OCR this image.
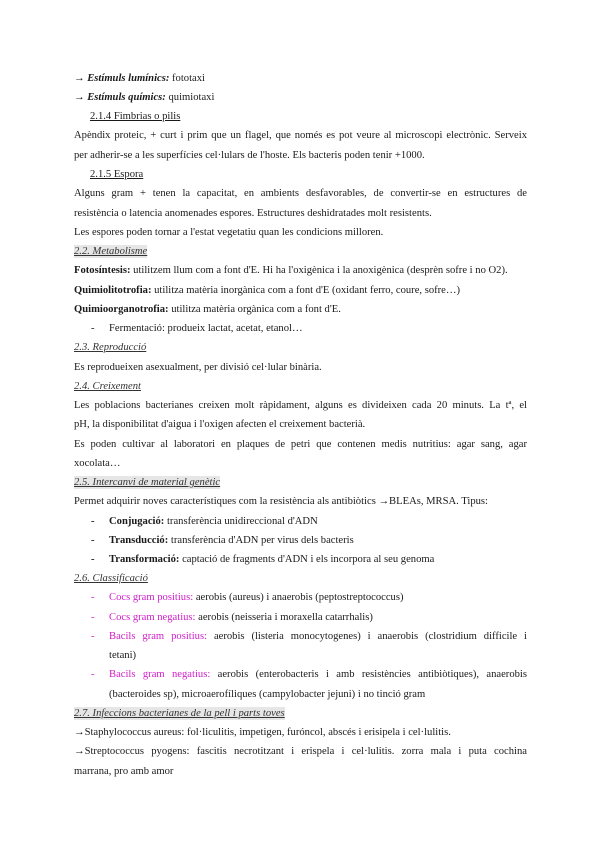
→ Estímuls lumínics: fototaxi
→ Estímuls químics: quimiotaxi
2.1.4 Fimbrias o pilis
Apèndix proteic, + curt i prim que un flagel, que només es pot veure al microscopi electrònic. Serveix
per adherir-se a les superfícies cel·lulars de l'hoste. Els bacteris poden tenir +1000.
2.1.5 Espora
Alguns gram + tenen la capacitat, en ambients desfavorables, de convertir-se en estructures de
resistència o latencia anomenades espores. Estructures deshidratades molt resistents.
Les espores poden tornar a l'estat vegetatiu quan les condicions milloren.
2.2. Metabolisme
Fotosíntesis: utilitzem llum com a font d'E. Hi ha l'oxigènica i la anoxigènica (desprèn sofre i no O2).
Quimiolitotrofia: utilitza matèria inorgànica com a font d'E (oxidant ferro, coure, sofre…)
Quimioorganotrofia: utilitza matèria orgànica com a font d'E.
- Fermentació: produeix lactat, acetat, etanol…
2.3. Reproducció
Es reprodueixen asexualment, per divisió cel·lular binària.
2.4. Creixement
Les poblacions bacterianes creixen molt ràpidament, alguns es divideixen cada 20 minuts. La tª, el
pH, la disponibilitat d'aigua i l'oxigen afecten el creixement bacterià.
Es poden cultivar al laboratori en plaques de petri que contenen medis nutritius: agar sang, agar
xocolata…
2.5. Intercanvi de material genètic
Permet adquirir noves característiques com la resistència als antibiòtics →BLEAs, MRSA. Tipus:
- Conjugació: transferència unidireccional d'ADN
- Transducció: transferència d'ADN per virus dels bacteris
- Transformació: captació de fragments d'ADN i els incorpora al seu genoma
2.6. Classificació
- Cocs gram positius: aerobis (aureus) i anaerobis (peptostreptococcus)
- Cocs gram negatius: aerobis (neisseria i moraxella catarrhalis)
- Bacils gram positius: aerobis (listeria monocytogenes) i anaerobis (clostridium difficile i
tetani)
- Bacils gram negatius: aerobis (enterobacteris i amb resistències antibiòtiques), anaerobis
(bacteroides sp), microaerofíliques (campylobacter jejuni) i no tinció gram
2.7. Infeccions bacterianes de la pell i parts toves
→Staphylococcus aureus: fol·liculitis, impetigen, furóncol, abscés i erisipela i cel·lulitis.
→Streptococcus pyogens: fascitis necrotitzant i erispela i cel·lulitis. zorra mala i puta cochina
marrana, pro amb amor
